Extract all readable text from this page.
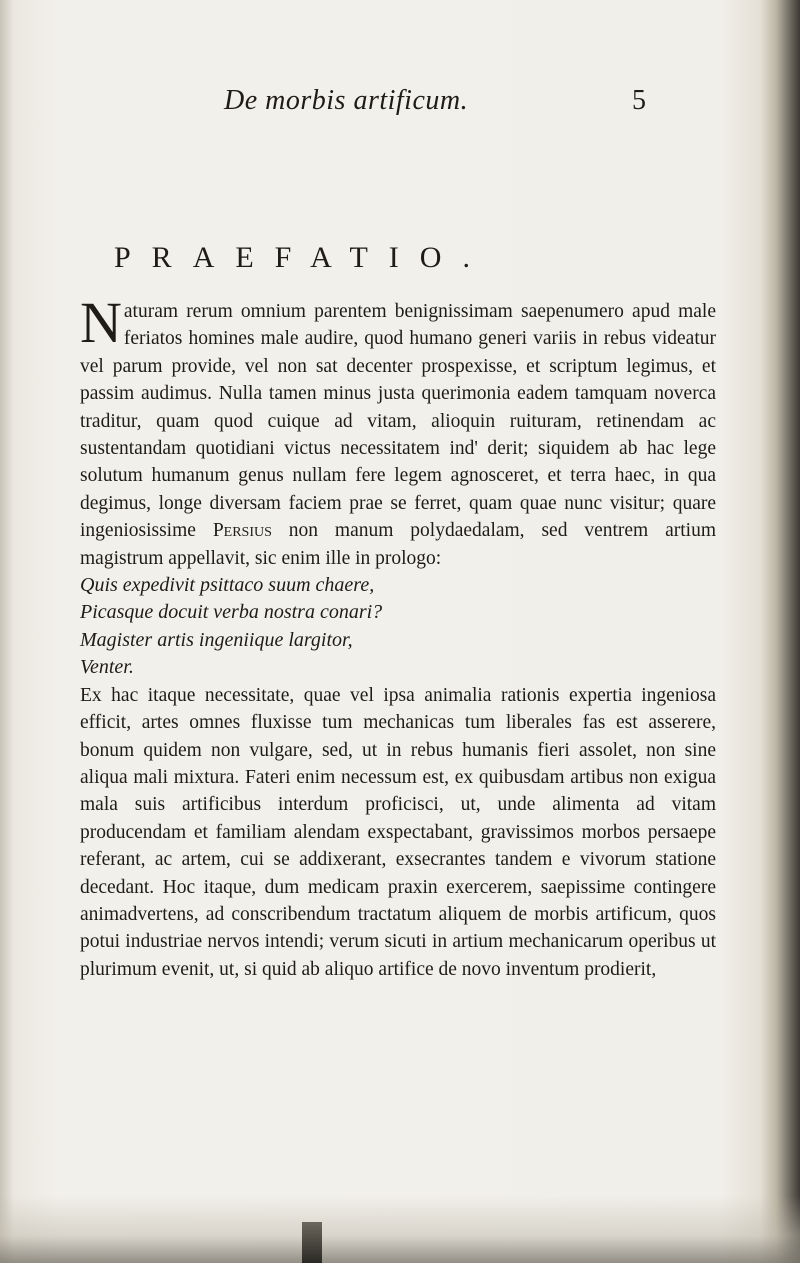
De morbis artificum.	5
PRAEFATIO.

Naturam rerum omnium parentem benignissimam saepenumero apud male feriatos homines male audire, quod humano generi variis in rebus videatur vel parum provide, vel non sat decenter prospexisse, et scriptum legimus, et passim audimus. Nulla tamen minus justa querimonia eadem tamquam noverca traditur, quam quod cuique ad vitam, alioquin ruituram, retinendam ac sustentandam quotidiani victus necessitatem ind' derit; siquidem ab hac lege solutum humanum genus nullam fere legem agnosceret, et terra haec, in qua degimus, longe diversam faciem prae se ferret, quam quae nunc visitur; quare ingeniosissime Persius non manum polydaedalam, sed ventrem artium magistrum appellavit, sic enim ille in prologo:

Quis expedivit psittaco suum chaere,
Picasque docuit verba nostra conari?
Magister artis ingeniique largitor,
Venter.

Ex hac itaque necessitate, quae vel ipsa animalia rationis expertia ingeniosa efficit, artes omnes fluxisse tum mechanicas tum liberales fas est asserere, bonum quidem non vulgare, sed, ut in rebus humanis fieri assolet, non sine aliqua mali mixtura. Fateri enim necessum est, ex quibusdam artibus non exigua mala suis artificibus interdum proficisci, ut, unde alimenta ad vitam producendam et familiam alendam exspectabant, gravissimos morbos persaepe referant, ac artem, cui se addixerant, exsecrantes tandem e vivorum statione decedant. Hoc itaque, dum medicam praxin exercerem, saepissime contingere animadvertens, ad conscribendum tractatum aliquem de morbis artificum, quos potui industriae nervos intendi; verum sicuti in artium mechanicarum operibus ut plurimum evenit, ut, si quid ab aliquo artifice de novo inventum prodierit,
